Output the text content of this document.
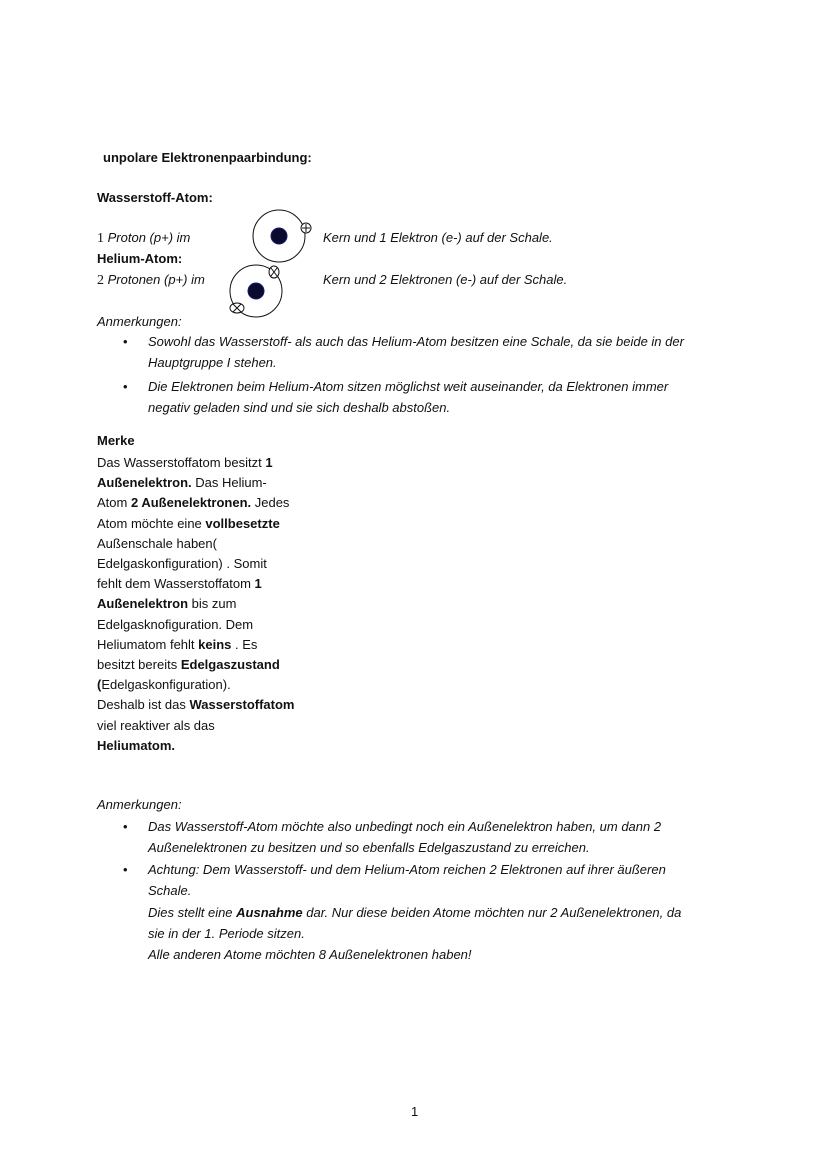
unpolare Elektronenpaarbindung:
Wasserstoff-Atom:
1 Proton (p+) im	Kern und 1 Elektron (e-) auf der Schale.
Helium-Atom:
2 Protonen (p+) im	Kern und 2 Elektronen (e-) auf der Schale.
Anmerkungen:
• Sowohl das Wasserstoff- als auch das Helium-Atom besitzen eine Schale, da sie beide in der
Hauptgruppe I stehen.
• Die Elektronen beim Helium-Atom sitzen möglichst weit auseinander, da Elektronen immer
negativ geladen sind und sie sich deshalb abstoßen.
Merke
Das Wasserstoffatom besitzt 1
Außenelektron. Das Helium-
Atom 2 Außenelektronen. Jedes
Atom möchte eine vollbesetzte
Außenschale haben(
Edelgaskonfiguration) . Somit
fehlt dem Wasserstoffatom 1
Außenelektron bis zum
Edelgasknofiguration. Dem
Heliumatom fehlt keins . Es
besitzt bereits Edelgaszustand
(Edelgaskonfiguration).
Deshalb ist das Wasserstoffatom
viel reaktiver als das
Heliumatom.
Anmerkungen:
• Das Wasserstoff-Atom möchte also unbedingt noch ein Außenelektron haben, um dann 2
Außenelektronen zu besitzen und so ebenfalls Edelgaszustand zu erreichen.
• Achtung: Dem Wasserstoff- und dem Helium-Atom reichen 2 Elektronen auf ihrer äußeren
Schale.
Dies stellt eine Ausnahme dar. Nur diese beiden Atome möchten nur 2 Außenelektronen, da
sie in der 1. Periode sitzen.
Alle anderen Atome möchten 8 Außenelektronen haben!
1
